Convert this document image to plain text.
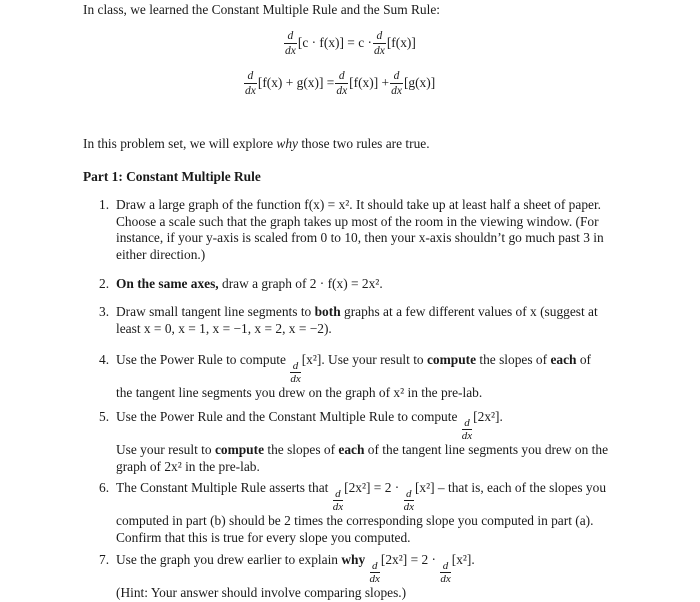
In class, we learned the Constant Multiple Rule and the Sum Rule:
$\frac{d}{dx} [c \cdot f(x)] = c \cdot \frac{d}{dx} [f(x)]$
$\frac{d}{dx} [f(x) + g(x)] = \frac{d}{dx} [f(x)] + \frac{d}{dx} [g(x)]$
In this problem set, we will explore why those two rules are true.
Part 1: Constant Multiple Rule
1. Draw a large graph of the function f(x) = x². It should take up at least half a sheet of paper.
Choose a scale such that the graph takes up most of the room in the viewing window. (For
instance, if your y-axis is scaled from 0 to 10, then your x-axis shouldn’t go much past 3 in
either direction.)
2. On the same axes, draw a graph of 2 · f(x) = 2x².
3. Draw small tangent line segments to both graphs at a few different values of x (suggest at
least x = 0, x = 1, x = −1, x = 2, x = −2).
4. Use the Power Rule to compute
$\frac{d}{dx}$
[x²]. Use your result to compute the slopes of each of
the tangent line segments you drew on the graph of x² in the pre-lab.
5. Use the Power Rule and the Constant Multiple Rule to compute
$\frac{d}{dx}$
[2x²].
Use your result to compute the slopes of each of the tangent line segments you drew on the
graph of 2x² in the pre-lab.
6. The Constant Multiple Rule asserts that
$\frac{d}{dx}$
[2x²] = 2 ·
$\frac{d}{dx}$
[x²] – that is, each of the slopes you
computed in part (b) should be 2 times the corresponding slope you computed in part (a).
Confirm that this is true for every slope you computed.
7. Use the graph you drew earlier to explain why
$\frac{d}{dx}$
[2x²] = 2 ·
$\frac{d}{dx}$
[x²].
(Hint: Your answer should involve comparing slopes.)
